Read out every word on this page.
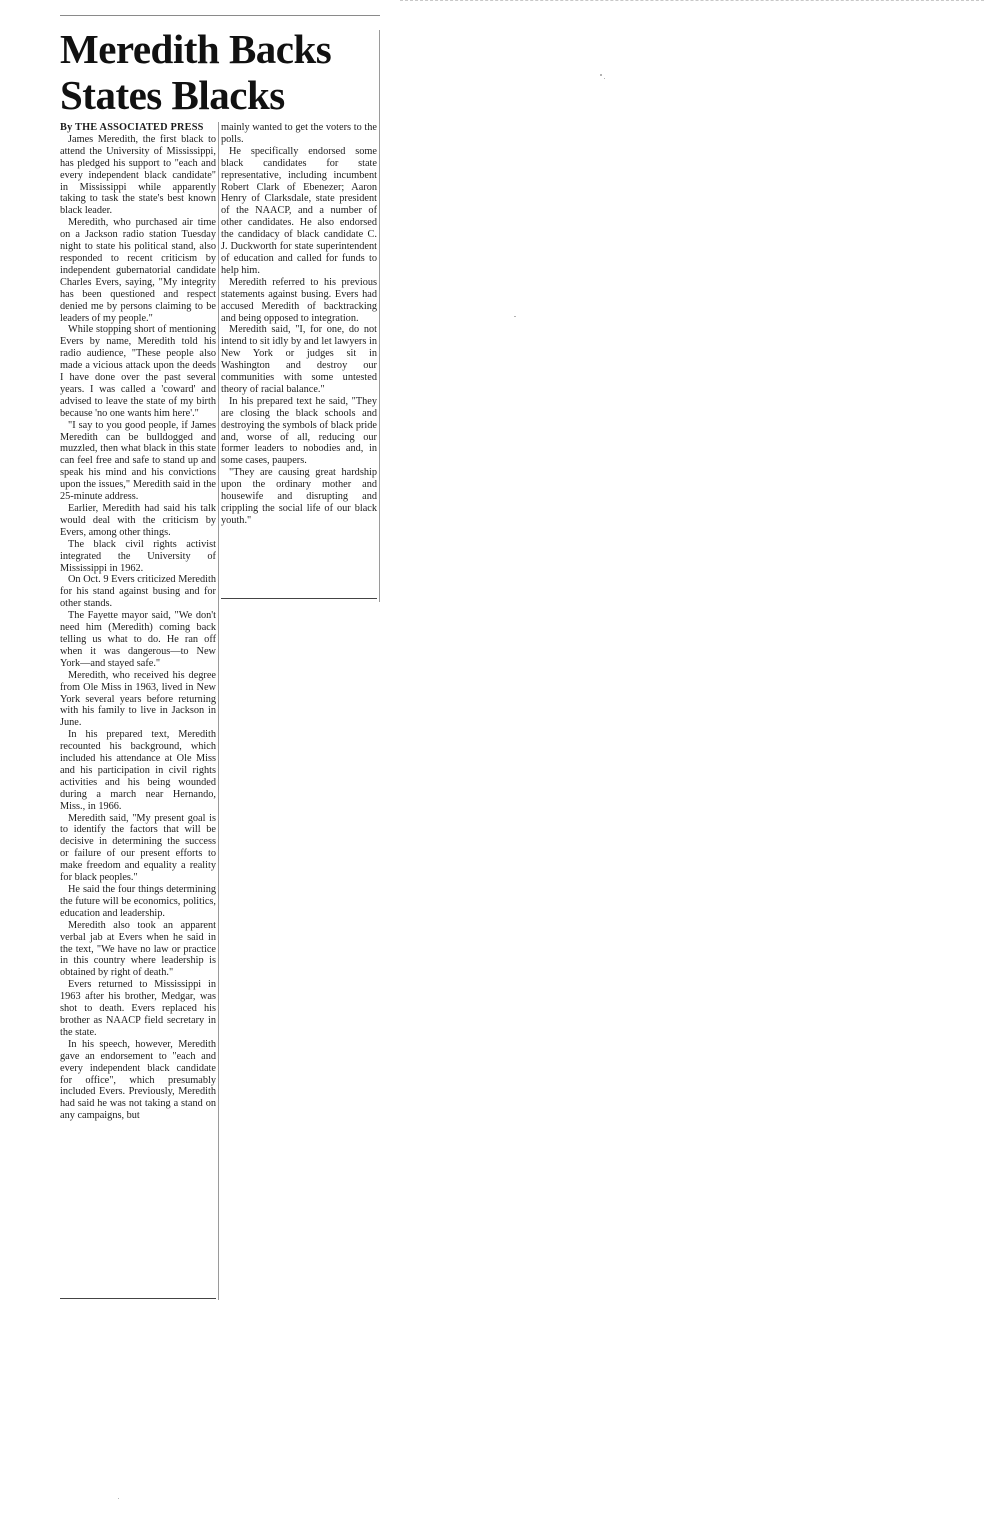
Meredith Backs
States Blacks

By THE ASSOCIATED PRESS

James Meredith, the first black to attend the University of Mississippi, has pledged his support to "each and every independent black candidate" in Mississippi while apparently taking to task the state's best known black leader.

Meredith, who purchased air time on a Jackson radio station Tuesday night to state his political stand, also responded to recent criticism by independent gubernatorial candidate Charles Evers, saying, "My integrity has been questioned and respect denied me by persons claiming to be leaders of my people."

While stopping short of mentioning Evers by name, Meredith told his radio audience, "These people also made a vicious attack upon the deeds I have done over the past several years. I was called a 'coward' and advised to leave the state of my birth because 'no one wants him here'."

"I say to you good people, if James Meredith can be bulldogged and muzzled, then what black in this state can feel free and safe to stand up and speak his mind and his convictions upon the issues," Meredith said in the 25-minute address.

Earlier, Meredith had said his talk would deal with the criticism by Evers, among other things.

The black civil rights activist integrated the University of Mississippi in 1962.

On Oct. 9 Evers criticized Meredith for his stand against busing and for other stands.

The Fayette mayor said, "We don't need him (Meredith) coming back telling us what to do. He ran off when it was dangerous—to New York—and stayed safe."

Meredith, who received his degree from Ole Miss in 1963, lived in New York several years before returning with his family to live in Jackson in June.

In his prepared text, Meredith recounted his background, which included his attendance at Ole Miss and his participation in civil rights activities and his being wounded during a march near Hernando, Miss., in 1966.

Meredith said, "My present goal is to identify the factors that will be decisive in determining the success or failure of our present efforts to make freedom and equality a reality for black peoples."

He said the four things determining the future will be economics, politics, education and leadership.

Meredith also took an apparent verbal jab at Evers when he said in the text, "We have no law or practice in this country where leadership is obtained by right of death."

Evers returned to Mississippi in 1963 after his brother, Medgar, was shot to death. Evers replaced his brother as NAACP field secretary in the state.

In his speech, however, Meredith gave an endorsement to "each and every independent black candidate for office", which presumably included Evers. Previously, Meredith had said he was not taking a stand on any campaigns, but

mainly wanted to get the voters to the polls.

He specifically endorsed some black candidates for state representative, including incumbent Robert Clark of Ebenezer; Aaron Henry of Clarksdale, state president of the NAACP, and a number of other candidates. He also endorsed the candidacy of black candidate C. J. Duckworth for state superintendent of education and called for funds to help him.

Meredith referred to his previous statements against busing. Evers had accused Meredith of backtracking and being opposed to integration.

Meredith said, "I, for one, do not intend to sit idly by and let lawyers in New York or judges sit in Washington and destroy our communities with some untested theory of racial balance."

In his prepared text he said, "They are closing the black schools and destroying the symbols of black pride and, worse of all, reducing our former leaders to nobodies and, in some cases, paupers.

"They are causing great hardship upon the ordinary mother and housewife and disrupting and crippling the social life of our black youth."
